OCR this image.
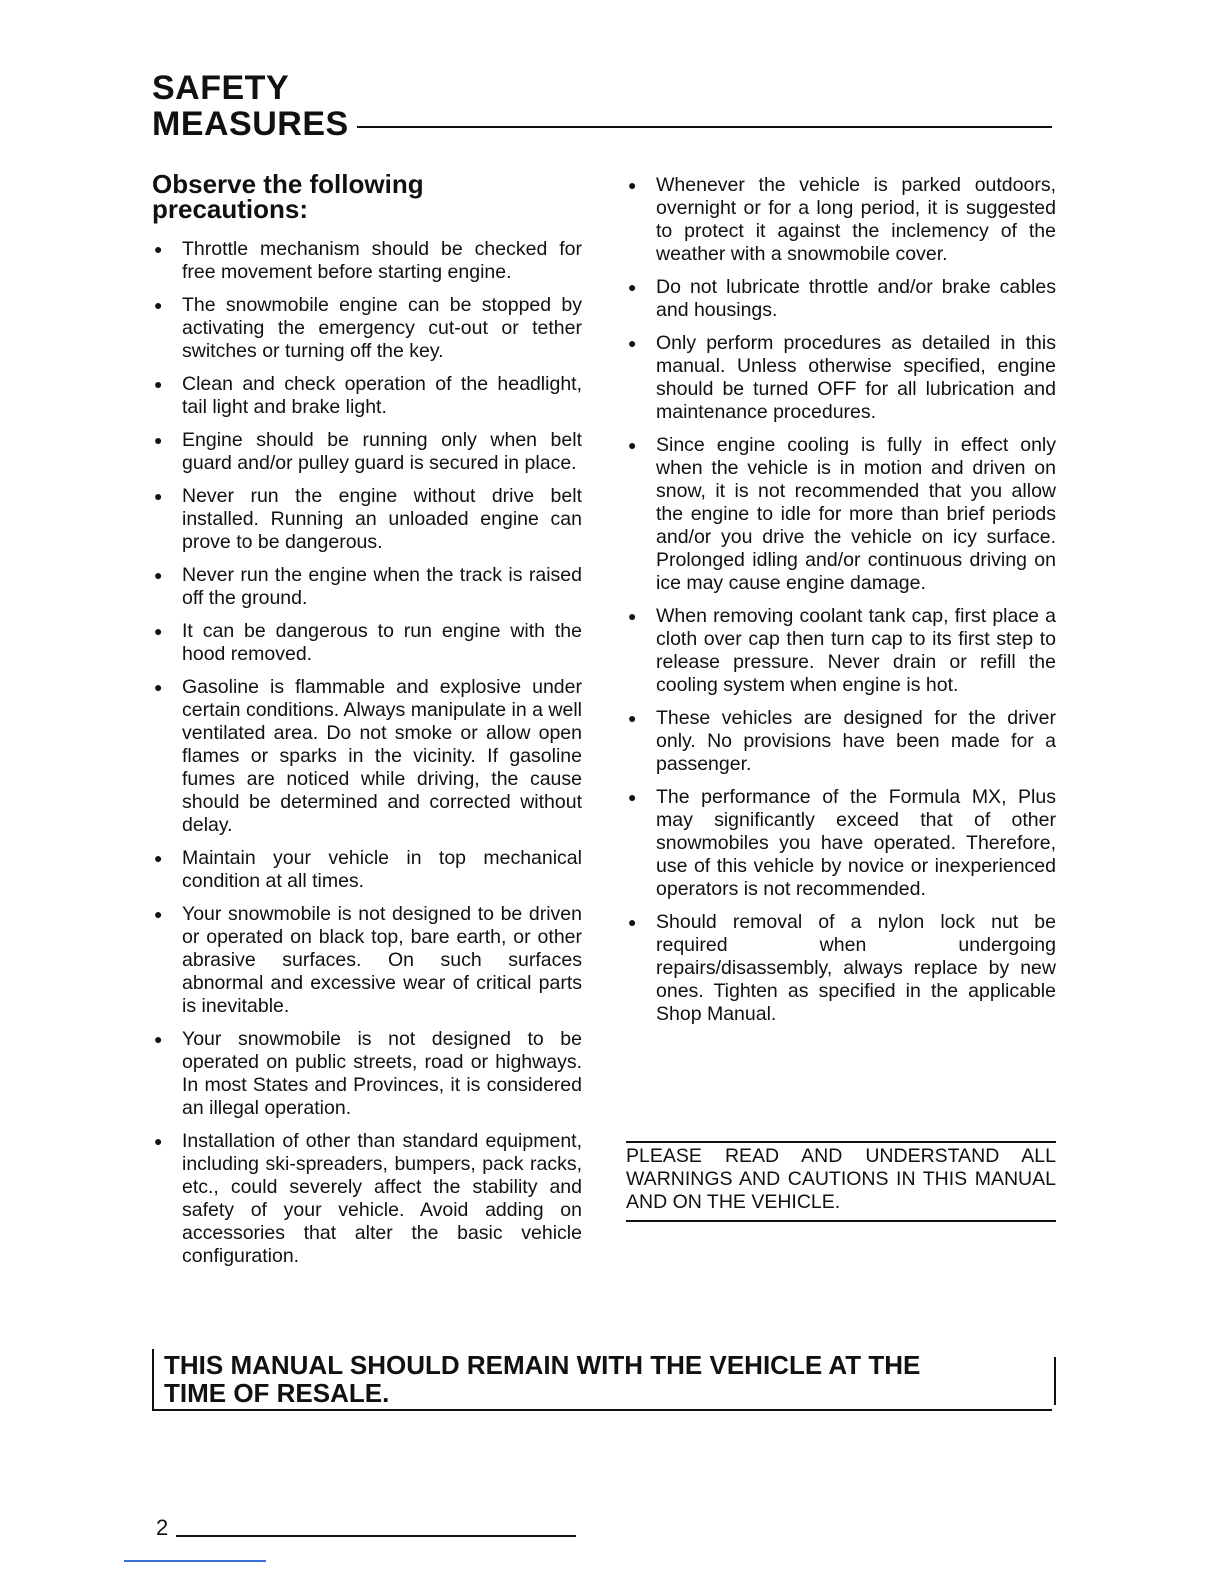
SAFETY
MEASURES
Observe the following precautions:
● Throttle mechanism should be checked for free movement before starting engine.
● The snowmobile engine can be stopped by activating the emergency cut-out or tether switches or turning off the key.
● Clean and check operation of the headlight, tail light and brake light.
● Engine should be running only when belt guard and/or pulley guard is secured in place.
● Never run the engine without drive belt installed. Running an unloaded engine can prove to be dangerous.
● Never run the engine when the track is raised off the ground.
● It can be dangerous to run engine with the hood removed.
● Gasoline is flammable and explosive under certain conditions. Always manipulate in a well ventilated area. Do not smoke or allow open flames or sparks in the vicinity. If gasoline fumes are noticed while driving, the cause should be determined and corrected without delay.
● Maintain your vehicle in top mechanical condition at all times.
● Your snowmobile is not designed to be driven or operated on black top, bare earth, or other abrasive surfaces. On such surfaces abnormal and excessive wear of critical parts is inevitable.
● Your snowmobile is not designed to be operated on public streets, road or highways. In most States and Provinces, it is considered an illegal operation.
● Installation of other than standard equipment, including ski-spreaders, bumpers, pack racks, etc., could severely affect the stability and safety of your vehicle. Avoid adding on accessories that alter the basic vehicle configuration.
● Whenever the vehicle is parked outdoors, overnight or for a long period, it is suggested to protect it against the inclemency of the weather with a snowmobile cover.
● Do not lubricate throttle and/or brake cables and housings.
● Only perform procedures as detailed in this manual. Unless otherwise specified, engine should be turned OFF for all lubrication and maintenance procedures.
● Since engine cooling is fully in effect only when the vehicle is in motion and driven on snow, it is not recommended that you allow the engine to idle for more than brief periods and/or you drive the vehicle on icy surface. Prolonged idling and/or continuous driving on ice may cause engine damage.
● When removing coolant tank cap, first place a cloth over cap then turn cap to its first step to release pressure. Never drain or refill the cooling system when engine is hot.
● These vehicles are designed for the driver only. No provisions have been made for a passenger.
● The performance of the Formula MX, Plus may significantly exceed that of other snowmobiles you have operated. Therefore, use of this vehicle by novice or inexperienced operators is not recommended.
● Should removal of a nylon lock nut be required when undergoing repairs/disassembly, always replace by new ones. Tighten as specified in the applicable Shop Manual.
PLEASE READ AND UNDERSTAND ALL WARNINGS AND CAUTIONS IN THIS MANUAL AND ON THE VEHICLE.
THIS MANUAL SHOULD REMAIN WITH THE VEHICLE AT THE
TIME OF RESALE.
2
